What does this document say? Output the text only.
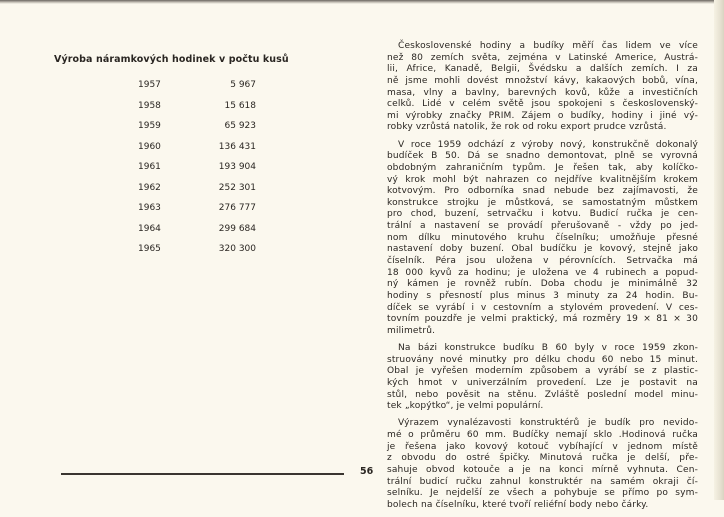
Výroba náramkových hodinek v počtu kusů
1957	5 967
1958	15 618
1959	65 923
1960	136 431
1961	193 904
1962	252 301
1963	276 777
1964	299 684
1965	320 300
56
Československé hodiny a budíky měří čas lidem ve více
než 80 zemích světa, zejména v Latinské Americe, Austrá-
lii, Africe, Kanadě, Belgii, Švédsku a dalších zemích. I za
ně jsme mohli dovést množství kávy, kakaových bobů, vína,
masa, vlny a bavlny, barevných kovů, kůže a investičních
celků. Lidé v celém světě jsou spokojeni s československý-
mi výrobky značky PRIM. Zájem o budíky, hodiny i jiné vý-
robky vzrůstá natolik, že rok od roku export prudce vzrůstá.
V roce 1959 odchází z výroby nový, konstrukčně dokonalý
budíček B 50. Dá se snadno demontovat, plně se vyrovná
obdobným zahraničním typům. Je řešen tak, aby kolíčko-
vý krok mohl být nahrazen co nejdříve kvalitnějším krokem
kotvovým. Pro odborníka snad nebude bez zajímavosti, že
konstrukce strojku je můstková, se samostatným můstkem
pro chod, buzení, setrvačku i kotvu. Budicí ručka je cen-
trální a nastavení se provádí přerušovaně - vždy po jed-
nom dílku minutového kruhu číselníku; umožňuje přesné
nastavení doby buzení. Obal budíčku je kovový, stejně jako
číselník. Péra jsou uložena v pérovnících. Setrvačka má
18 000 kyvů za hodinu; je uložena ve 4 rubinech a popud-
ný kámen je rovněž rubín. Doba chodu je minimálně 32
hodiny s přesností plus minus 3 minuty za 24 hodin. Bu-
díček se vyrábí i v cestovním a stylovém provedení. V ces-
tovním pouzdře je velmi praktický, má rozměry 19 × 81 × 30
milimetrů.
Na bázi konstrukce budíku B 60 byly v roce 1959 zkon-
struovány nové minutky pro délku chodu 60 nebo 15 minut.
Obal je vyřešen moderním způsobem a vyrábí se z plastic-
kých hmot v univerzálním provedení. Lze je postavit na
stůl, nebo pověsit na stěnu. Zvláště poslední model minu-
tek „kopýtko“, je velmi populární.
Výrazem vynalézavosti konstruktérů je budík pro nevido-
mé o průměru 60 mm. Budíčky nemají sklo .Hodinová ručka
je řešena jako kovový kotouč vybíhající v jednom místě
z obvodu do ostré špičky. Minutová ručka je delší, pře-
sahuje obvod kotouče a je na konci mírně vyhnuta. Cen-
trální budicí ručku zahnul konstruktér na samém okraji čí-
selníku. Je nejdelší ze všech a pohybuje se přímo po sym-
bolech na číselníku, které tvoří reliéfní body nebo čárky.
